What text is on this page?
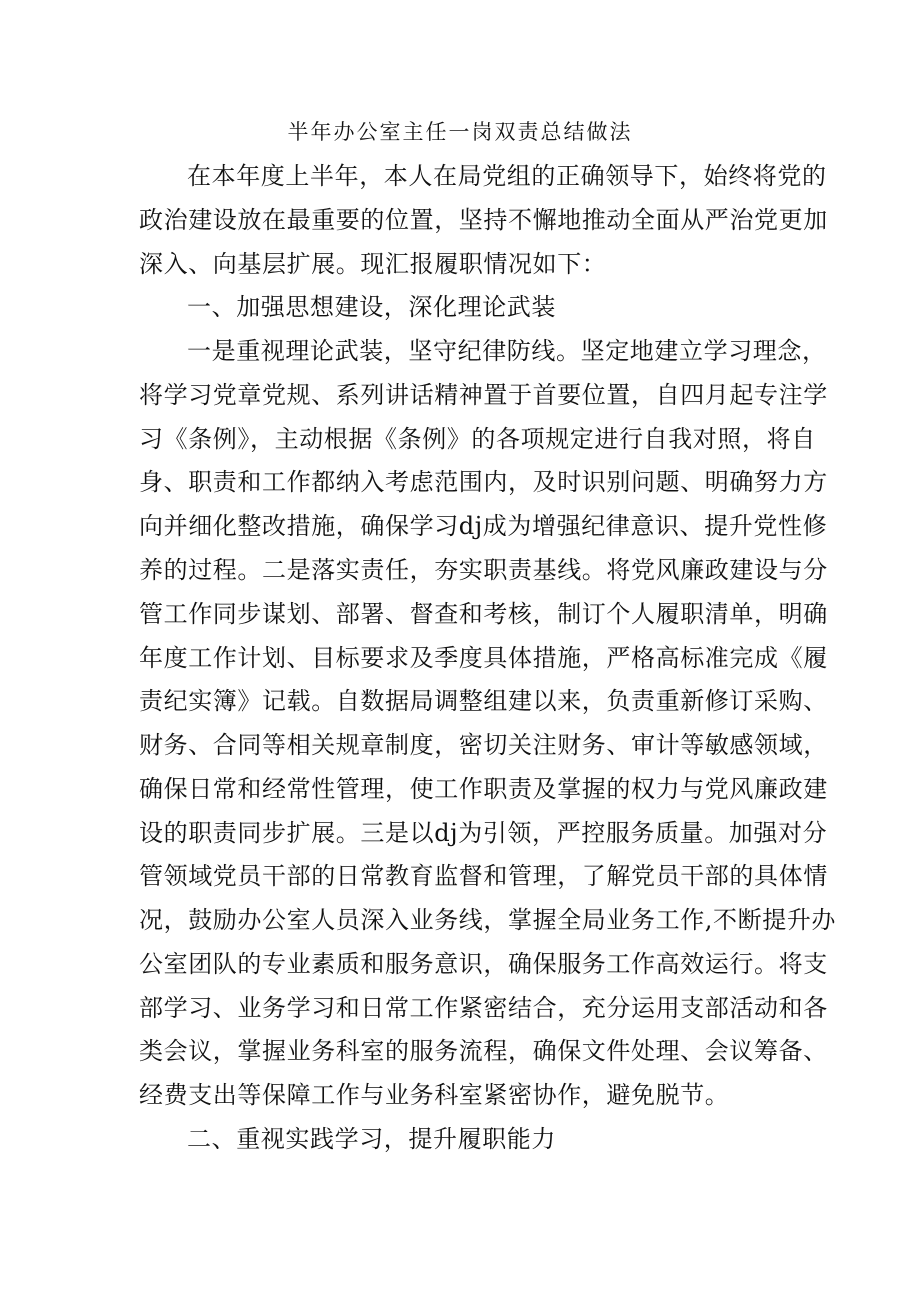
半年办公室主任一岗双责总结做法
在本年度上半年，本人在局党组的正确领导下，始终将党的
政治建设放在最重要的位置，坚持不懈地推动全面从严治党更加
深入、向基层扩展。现汇报履职情况如下：
一、加强思想建设，深化理论武装
一是重视理论武装，坚守纪律防线。坚定地建立学习理念，
将学习党章党规、系列讲话精神置于首要位置，自四月起专注学
习《条例》，主动根据《条例》的各项规定进行自我对照，将自
身、职责和工作都纳入考虑范围内，及时识别问题、明确努力方
向并细化整改措施，确保学习dj成为增强纪律意识、提升党性修
养的过程。二是落实责任，夯实职责基线。将党风廉政建设与分
管工作同步谋划、部署、督查和考核，制订个人履职清单，明确
年度工作计划、目标要求及季度具体措施，严格高标准完成《履
责纪实簿》记载。自数据局调整组建以来，负责重新修订采购、
财务、合同等相关规章制度，密切关注财务、审计等敏感领域，
确保日常和经常性管理，使工作职责及掌握的权力与党风廉政建
设的职责同步扩展。三是以dj为引领，严控服务质量。加强对分
管领域党员干部的日常教育监督和管理，了解党员干部的具体情
况，鼓励办公室人员深入业务线，掌握全局业务工作,不断提升办
公室团队的专业素质和服务意识，确保服务工作高效运行。将支
部学习、业务学习和日常工作紧密结合，充分运用支部活动和各
类会议，掌握业务科室的服务流程，确保文件处理、会议筹备、
经费支出等保障工作与业务科室紧密协作，避免脱节。
二、重视实践学习，提升履职能力
